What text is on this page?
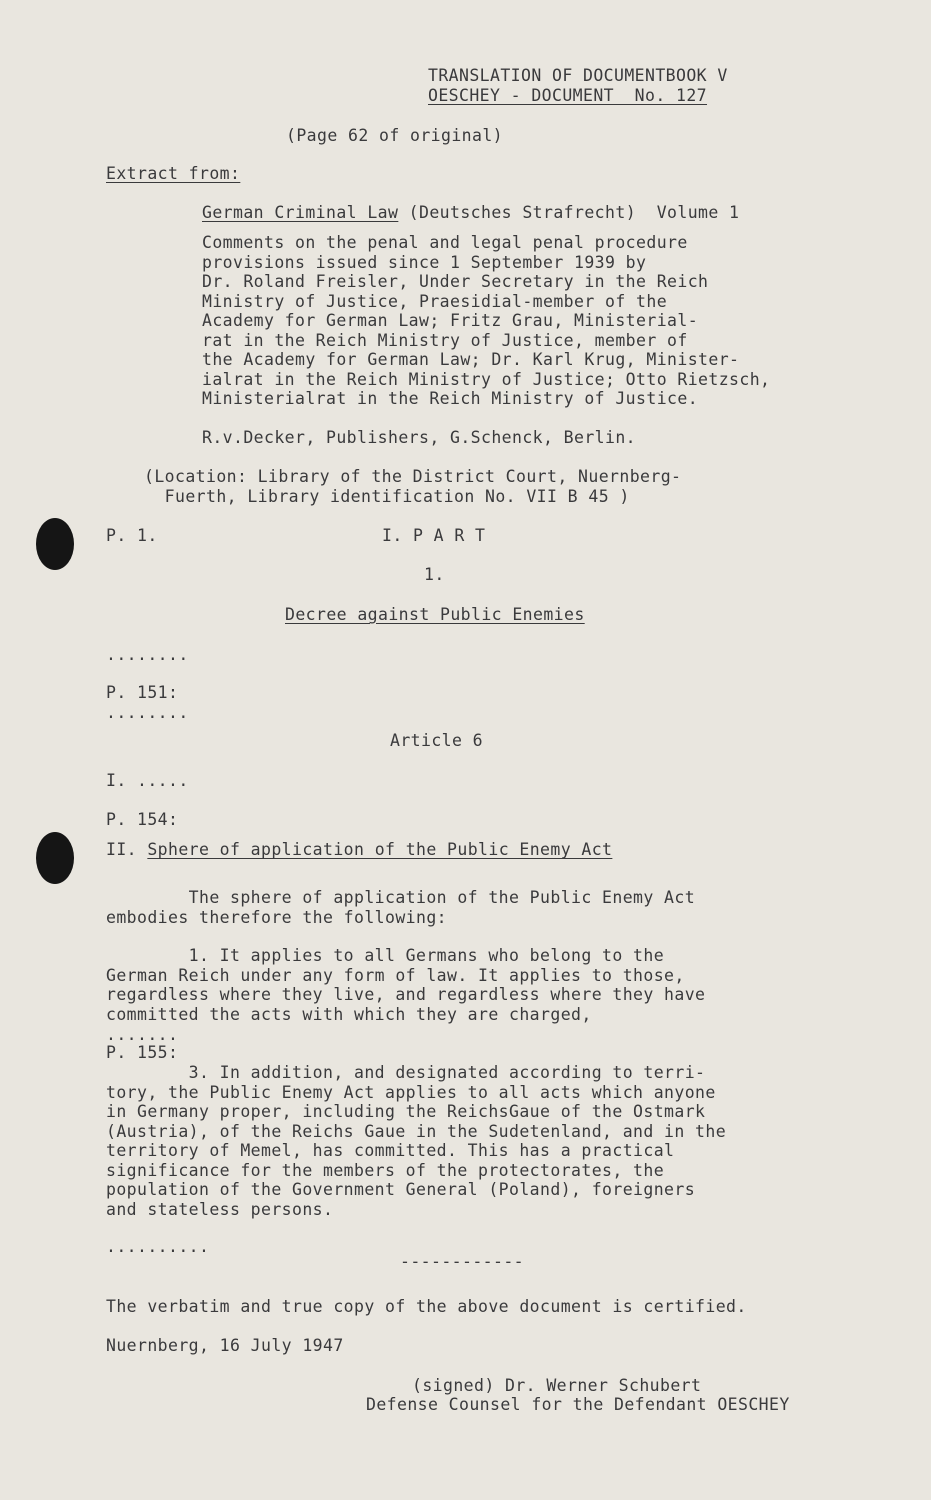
TRANSLATION OF DOCUMENTBOOK V
OESCHEY - DOCUMENT  No. 127
(Page 62 of original)
Extract from:
German Criminal Law (Deutsches Strafrecht)  Volume 1
Comments on the penal and legal penal procedure
provisions issued since 1 September 1939 by
Dr. Roland Freisler, Under Secretary in the Reich
Ministry of Justice, Praesidial-member of the
Academy for German Law; Fritz Grau, Ministerial-
rat in the Reich Ministry of Justice, member of
the Academy for German Law; Dr. Karl Krug, Minister-
ialrat in the Reich Ministry of Justice; Otto Rietzsch,
Ministerialrat in the Reich Ministry of Justice.
R.v.Decker, Publishers, G.Schenck, Berlin.
(Location: Library of the District Court, Nuernberg-
Fuerth, Library identification No. VII B 45 )
P. 1.	I. P A R T
1.
Decree against Public Enemies
........
P. 151:
........
Article 6
I. .....
P. 154:
II. Sphere of application of the Public Enemy Act
The sphere of application of the Public Enemy Act
embodies therefore the following:
1. It applies to all Germans who belong to the
German Reich under any form of law. It applies to those,
regardless where they live, and regardless where they have
committed the acts with which they are charged,
.......
P. 155:
3. In addition, and designated according to terri-
tory, the Public Enemy Act applies to all acts which anyone
in Germany proper, including the ReichsGaue of the Ostmark
(Austria), of the Reichs Gaue in the Sudetenland, and in the
territory of Memel, has committed. This has a practical
significance for the members of the protectorates, the
population of the Government General (Poland), foreigners
and stateless persons.
..........
------------
The verbatim and true copy of the above document is certified.
Nuernberg, 16 July 1947
(signed) Dr. Werner Schubert
Defense Counsel for the Defendant OESCHEY
